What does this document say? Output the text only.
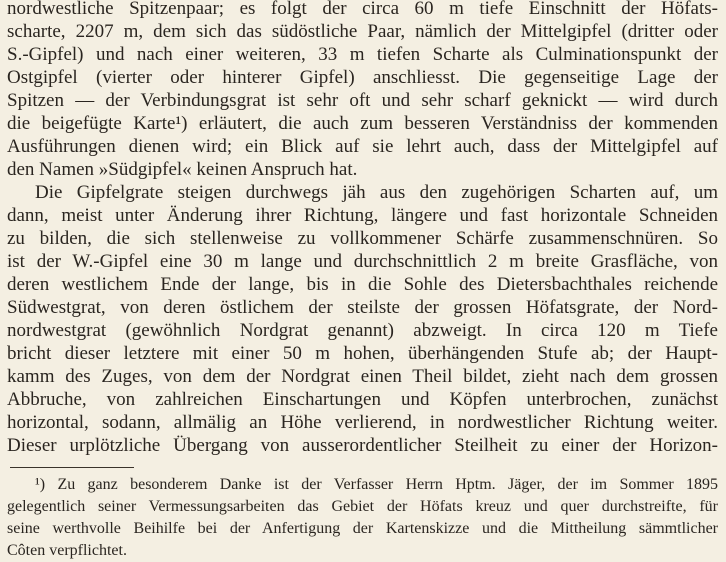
nordwestliche Spitzenpaar; es folgt der circa 60 m tiefe Einschnitt der Höfats-
scharte, 2207 m, dem sich das südöstliche Paar, nämlich der Mittelgipfel (dritter oder
S.-Gipfel) und nach einer weiteren, 33 m tiefen Scharte als Culminationspunkt der
Ostgipfel (vierter oder hinterer Gipfel) anschliesst. Die gegenseitige Lage der
Spitzen — der Verbindungsgrat ist sehr oft und sehr scharf geknickt — wird durch
die beigefügte Karte¹) erläutert, die auch zum besseren Verständniss der kommenden
Ausführungen dienen wird; ein Blick auf sie lehrt auch, dass der Mittelgipfel auf
den Namen »Südgipfel« keinen Anspruch hat.
Die Gipfelgrate steigen durchwegs jäh aus den zugehörigen Scharten auf, um
dann, meist unter Änderung ihrer Richtung, längere und fast horizontale Schneiden
zu bilden, die sich stellenweise zu vollkommener Schärfe zusammenschnüren. So
ist der W.-Gipfel eine 30 m lange und durchschnittlich 2 m breite Grasfläche, von
deren westlichem Ende der lange, bis in die Sohle des Dietersbachthales reichende
Südwestgrat, von deren östlichem der steilste der grossen Höfatsgrate, der Nord-
nordwestgrat (gewöhnlich Nordgrat genannt) abzweigt. In circa 120 m Tiefe
bricht dieser letztere mit einer 50 m hohen, überhängenden Stufe ab; der Haupt-
kamm des Zuges, von dem der Nordgrat einen Theil bildet, zieht nach dem grossen
Abbruche, von zahlreichen Einschartungen und Köpfen unterbrochen, zunächst
horizontal, sodann, allmälig an Höhe verlierend, in nordwestlicher Richtung weiter.
Dieser urplötzliche Übergang von ausserordentlicher Steilheit zu einer der Horizon-
¹) Zu ganz besonderem Danke ist der Verfasser Herrn Hptm. Jäger, der im Sommer 1895
gelegentlich seiner Vermessungsarbeiten das Gebiet der Höfats kreuz und quer durchstreifte, für
seine werthvolle Beihilfe bei der Anfertigung der Kartenskizze und die Mittheilung sämmtlicher
Côten verpflichtet.
